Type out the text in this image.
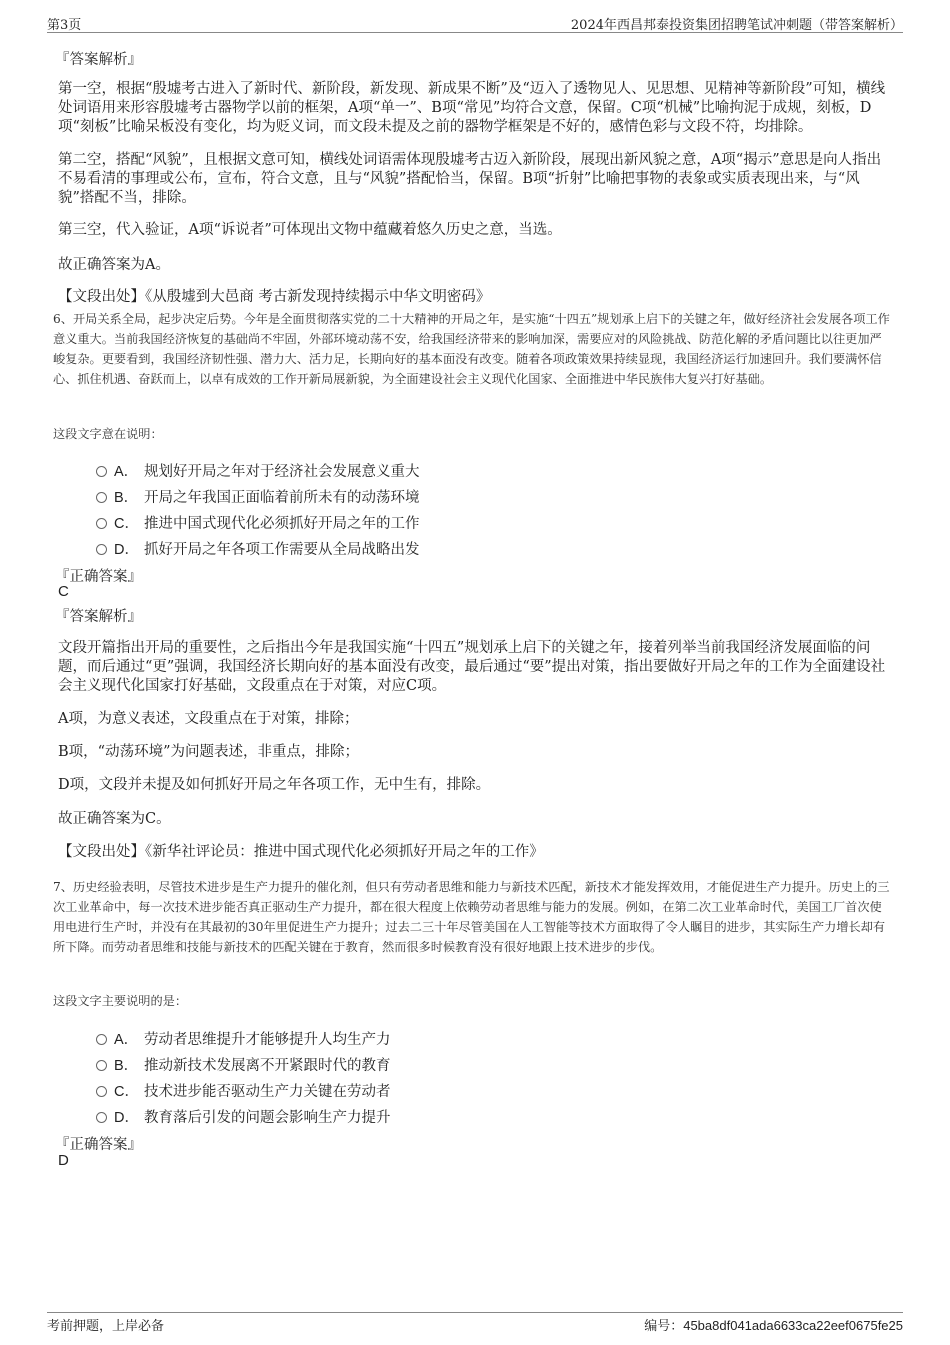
第3页	2024年西昌邦泰投资集团招聘笔试冲刺题（带答案解析）
『答案解析』
第一空，根据“殷墟考古进入了新时代、新阶段，新发现、新成果不断”及“迈入了透物见人、见思想、见精神等新阶段”可知，横线处词语用来形容殷墟考古器物学以前的框架，A项“单一”、B项“常见”均符合文意，保留。C项“机械”比喻拘泥于成规，刻板，D项“刻板”比喻呆板没有变化，均为贬义词，而文段未提及之前的器物学框架是不好的，感情色彩与文段不符，均排除。
第二空，搭配“风貌”，且根据文意可知，横线处词语需体现殷墟考古迈入新阶段，展现出新风貌之意，A项“揭示”意思是向人指出不易看清的事理或公布，宣布，符合文意，且与“风貌”搭配恰当，保留。B项“折射”比喻把事物的表象或实质表现出来，与“风貌”搭配不当，排除。
第三空，代入验证，A项“诉说者”可体现出文物中蕴藏着悠久历史之意，当选。
故正确答案为A。
【文段出处】《从殷墟到大邑商 考古新发现持续揭示中华文明密码》
6、开局关系全局，起步决定后势。今年是全面贯彻落实党的二十大精神的开局之年，是实施“十四五”规划承上启下的关键之年，做好经济社会发展各项工作意义重大。当前我国经济恢复的基础尚不牢固，外部环境动荡不安，给我国经济带来的影响加深，需要应对的风险挑战、防范化解的矛盾问题比以往更加严峻复杂。更要看到，我国经济韧性强、潜力大、活力足，长期向好的基本面没有改变。随着各项政策效果持续显现，我国经济运行加速回升。我们要满怀信心、抓住机遇、奋跃而上，以卓有成效的工作开新局展新貌，为全面建设社会主义现代化国家、全面推进中华民族伟大复兴打好基础。
这段文字意在说明：
A． 规划好开局之年对于经济社会发展意义重大
B． 开局之年我国正面临着前所未有的动荡环境
C． 推进中国式现代化必须抓好开局之年的工作
D． 抓好开局之年各项工作需要从全局战略出发
『正确答案』
C
『答案解析』
文段开篇指出开局的重要性，之后指出今年是我国实施“十四五”规划承上启下的关键之年，接着列举当前我国经济发展面临的问题，而后通过“更”强调，我国经济长期向好的基本面没有改变，最后通过“要”提出对策，指出要做好开局之年的工作为全面建设社会主义现代化国家打好基础，文段重点在于对策，对应C项。
A项，为意义表述，文段重点在于对策，排除；
B项，“动荡环境”为问题表述，非重点，排除；
D项，文段并未提及如何抓好开局之年各项工作，无中生有，排除。
故正确答案为C。
【文段出处】《新华社评论员：推进中国式现代化必须抓好开局之年的工作》
7、历史经验表明，尽管技术进步是生产力提升的催化剂，但只有劳动者思维和能力与新技术匹配，新技术才能发挥效用，才能促进生产力提升。历史上的三次工业革命中，每一次技术进步能否真正驱动生产力提升，都在很大程度上依赖劳动者思维与能力的发展。例如，在第二次工业革命时代，美国工厂首次使用电进行生产时，并没有在其最初的30年里促进生产力提升；过去二三十年尽管美国在人工智能等技术方面取得了令人瞩目的进步，其实际生产力增长却有所下降。而劳动者思维和技能与新技术的匹配关键在于教育，然而很多时候教育没有很好地跟上技术进步的步伐。
这段文字主要说明的是：
A． 劳动者思维提升才能够提升人均生产力
B． 推动新技术发展离不开紧跟时代的教育
C． 技术进步能否驱动生产力关键在劳动者
D． 教育落后引发的问题会影响生产力提升
『正确答案』
D
考前押题，上岸必备	编号：45ba8df041ada6633ca22eef0675fe25
